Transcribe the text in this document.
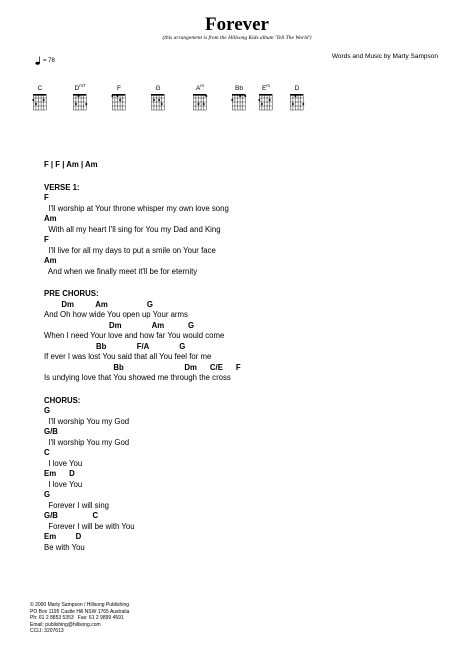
Forever
(this arrangement is from the Hillsong Kids album 'Tell The World')
= 78
Words and Music by Marty Sampson
C	$D^{m7}$	F	G	$A^m$	Bb	$E^m$	D
F | F | Am | Am
VERSE 1:
F
I'll worship at Your throne whisper my own love song
Am
With all my heart I'll sing for You my Dad and King
F
I'll live for all my days to put a smile on Your face
Am
And when we finally meet it'll be for eternity
PRE CHORUS:
Dm          Am                  G
And Oh how wide You open up Your arms
Dm              Am           G
When I need Your love and how far You would come
Bb              F/A              G
If ever I was lost You said that all You feel for me
Bb                            Dm      C/E      F
Is undying love that You showed me through the cross
CHORUS:
G
I'll worship You my God
G/B
I'll worship You my God
C
I love You
Em      D
I love You
G
Forever I will sing
G/B                C
Forever I will be with You
Em         D
Be with You
© 2000 Marty Sampson / Hillsong Publishing
PO Box 1195 Castle Hill NSW 1765 Australia
Ph: 61 2 8853 5353   Fax: 61 2 9899 4591
Email: publishing@hillsong.com
CCLI: 3207613
